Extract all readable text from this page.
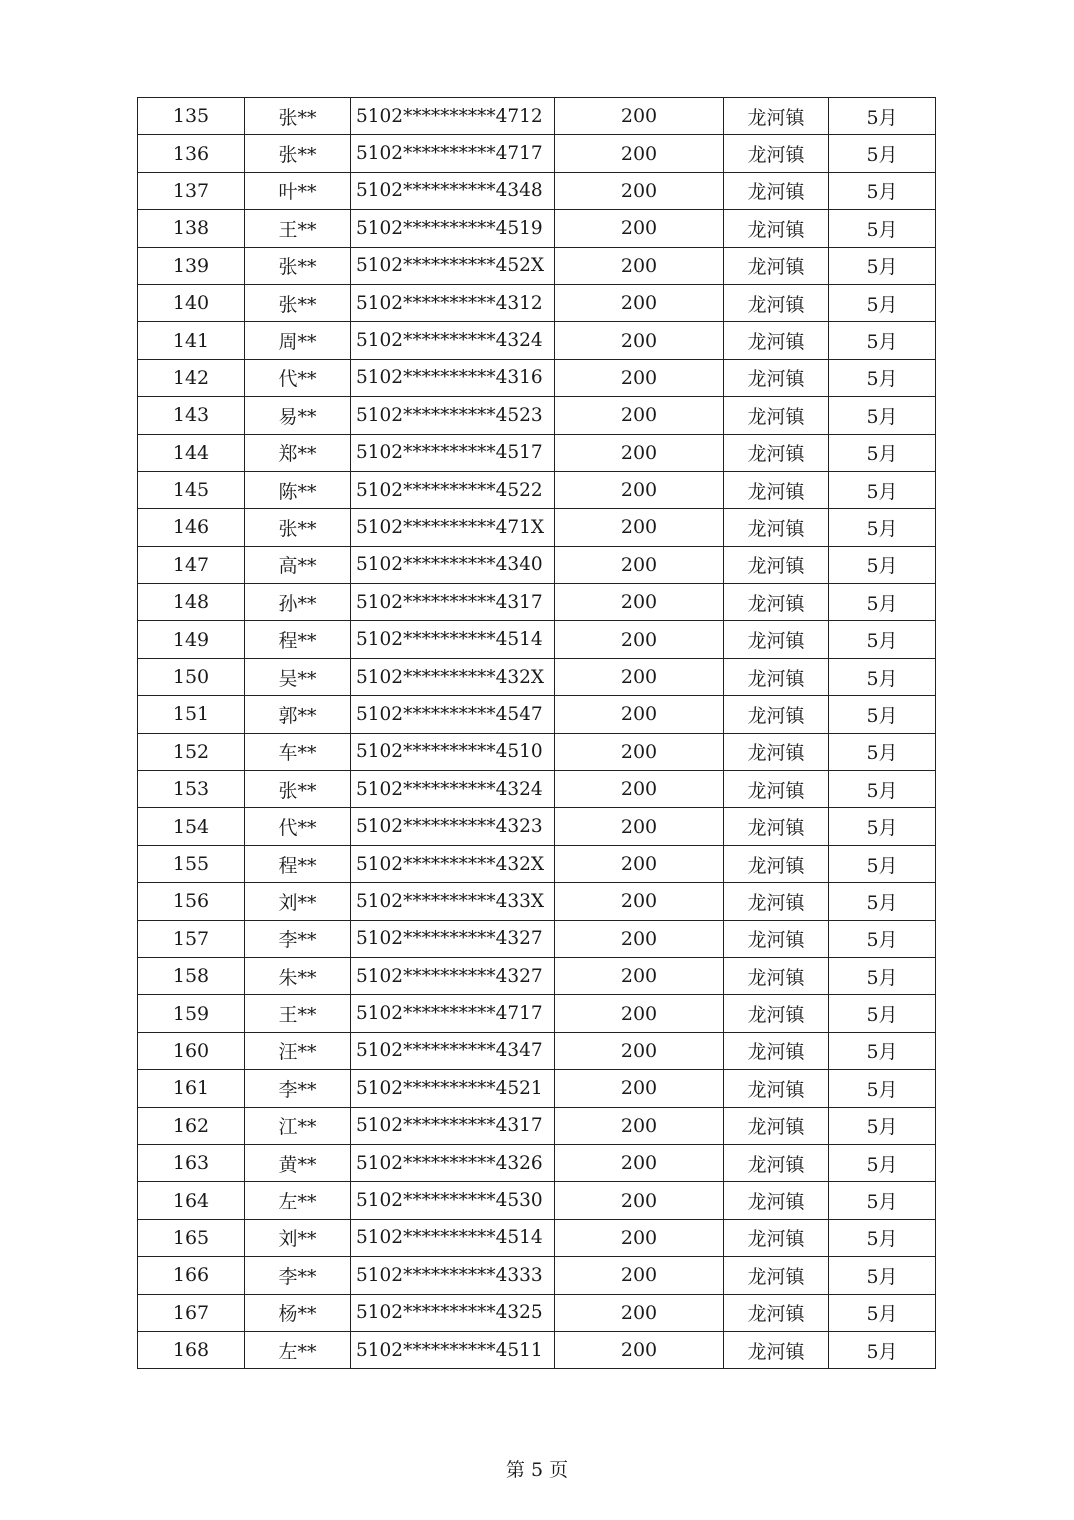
135	张**	5102**********4712	200	龙河镇	5月
136	张**	5102**********4717	200	龙河镇	5月
137	叶**	5102**********4348	200	龙河镇	5月
138	王**	5102**********4519	200	龙河镇	5月
139	张**	5102**********452X	200	龙河镇	5月
140	张**	5102**********4312	200	龙河镇	5月
141	周**	5102**********4324	200	龙河镇	5月
142	代**	5102**********4316	200	龙河镇	5月
143	易**	5102**********4523	200	龙河镇	5月
144	郑**	5102**********4517	200	龙河镇	5月
145	陈**	5102**********4522	200	龙河镇	5月
146	张**	5102**********471X	200	龙河镇	5月
147	高**	5102**********4340	200	龙河镇	5月
148	孙**	5102**********4317	200	龙河镇	5月
149	程**	5102**********4514	200	龙河镇	5月
150	吴**	5102**********432X	200	龙河镇	5月
151	郭**	5102**********4547	200	龙河镇	5月
152	车**	5102**********4510	200	龙河镇	5月
153	张**	5102**********4324	200	龙河镇	5月
154	代**	5102**********4323	200	龙河镇	5月
155	程**	5102**********432X	200	龙河镇	5月
156	刘**	5102**********433X	200	龙河镇	5月
157	李**	5102**********4327	200	龙河镇	5月
158	朱**	5102**********4327	200	龙河镇	5月
159	王**	5102**********4717	200	龙河镇	5月
160	汪**	5102**********4347	200	龙河镇	5月
161	李**	5102**********4521	200	龙河镇	5月
162	江**	5102**********4317	200	龙河镇	5月
163	黄**	5102**********4326	200	龙河镇	5月
164	左**	5102**********4530	200	龙河镇	5月
165	刘**	5102**********4514	200	龙河镇	5月
166	李**	5102**********4333	200	龙河镇	5月
167	杨**	5102**********4325	200	龙河镇	5月
168	左**	5102**********4511	200	龙河镇	5月
第 5 页
